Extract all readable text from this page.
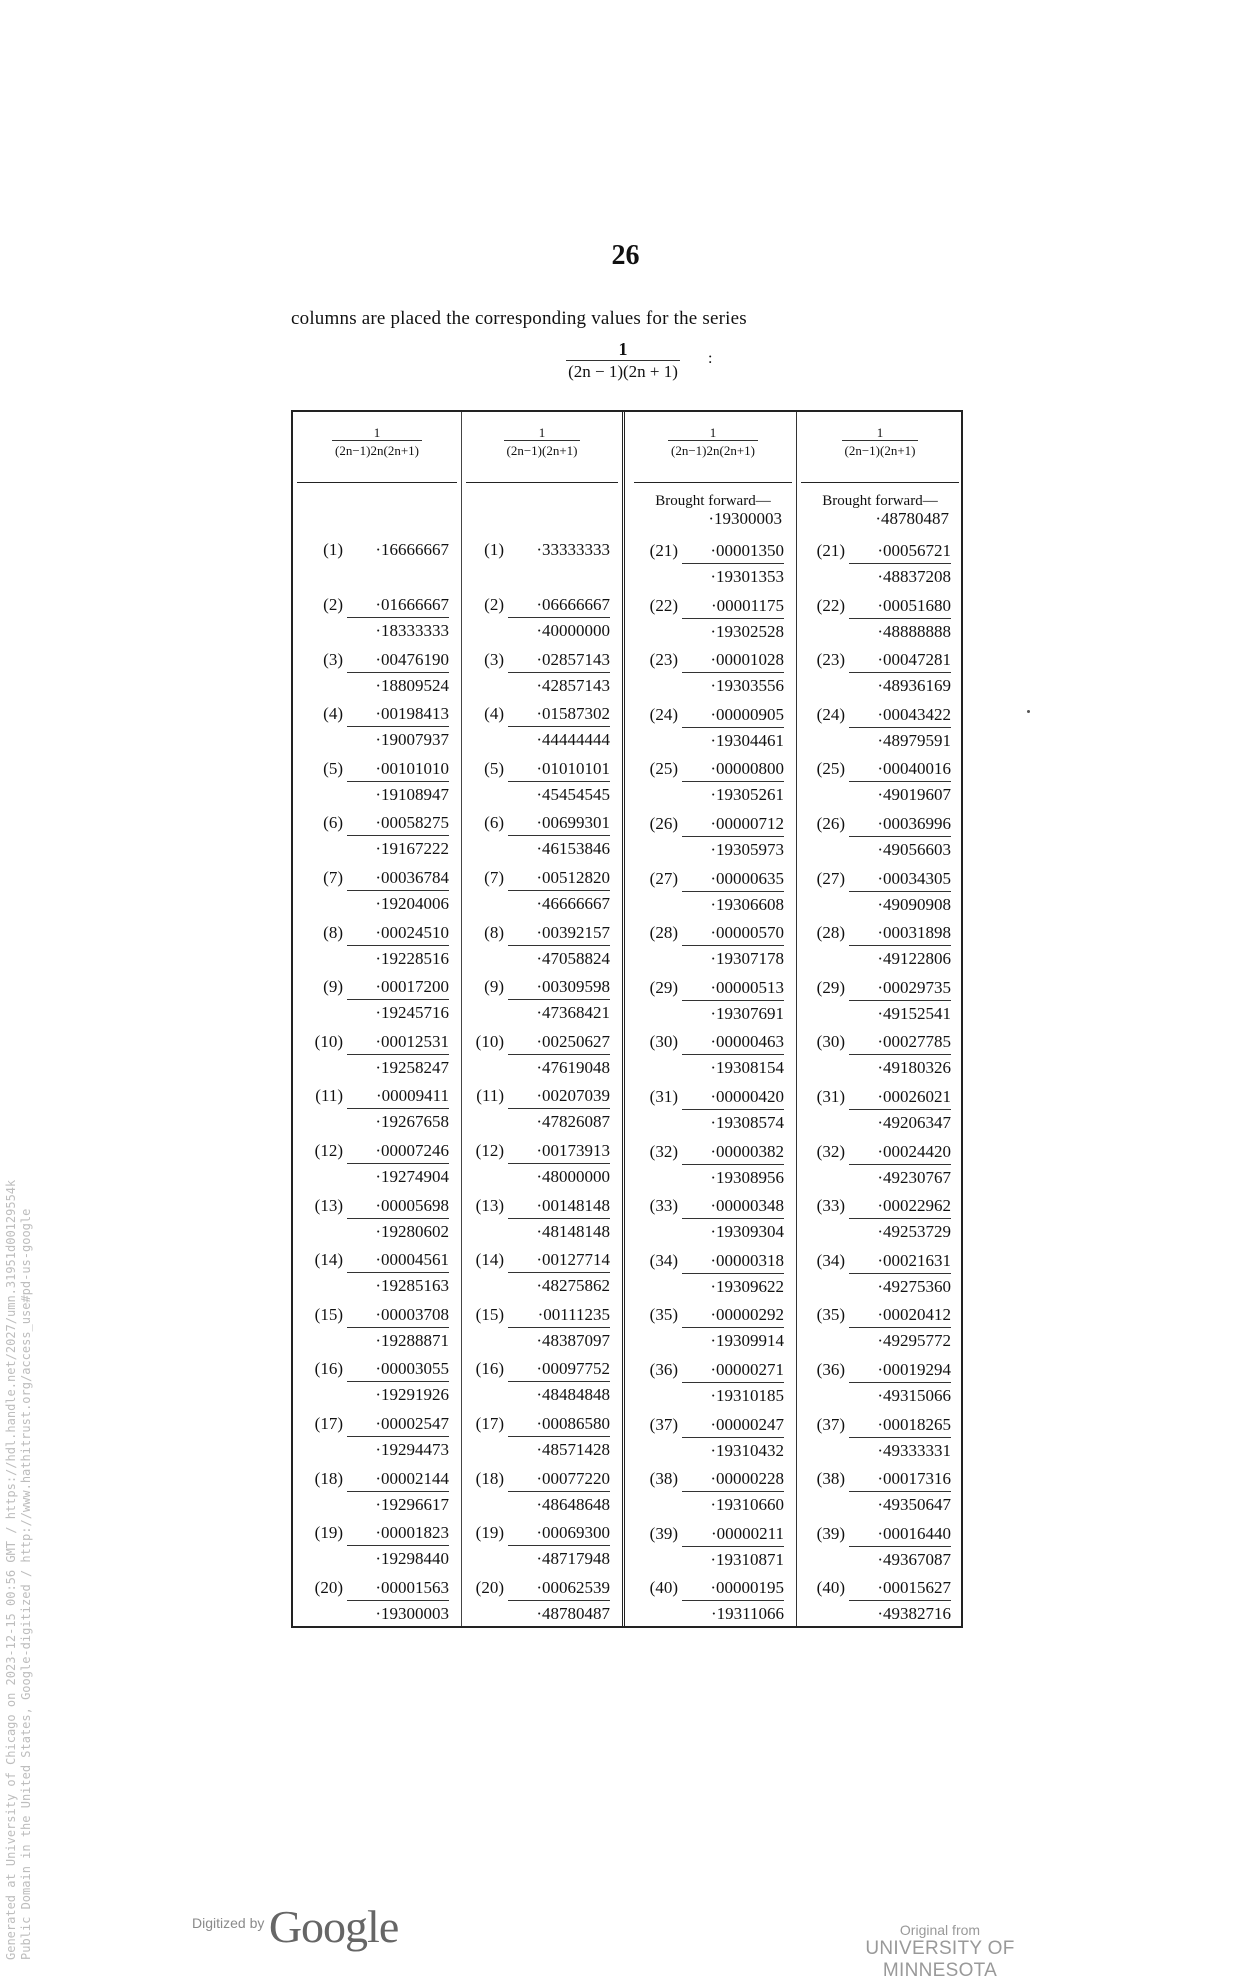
26
columns are placed the corresponding values for the series
1
(2n − 1)(2n + 1)
:
1
(2n−1)2n(2n+1)
(1)	·16666667
(2)	·01666667
·18333333
(3)	·00476190
·18809524
(4)	·00198413
·19007937
(5)	·00101010
·19108947
(6)	·00058275
·19167222
(7)	·00036784
·19204006
(8)	·00024510
·19228516
(9)	·00017200
·19245716
(10)	·00012531
·19258247
(11)	·00009411
·19267658
(12)	·00007246
·19274904
(13)	·00005698
·19280602
(14)	·00004561
·19285163
(15)	·00003708
·19288871
(16)	·00003055
·19291926
(17)	·00002547
·19294473
(18)	·00002144
·19296617
(19)	·00001823
·19298440
(20)	·00001563
·19300003
1
(2n−1)(2n+1)
(1)	·33333333
(2)	·06666667
·40000000
(3)	·02857143
·42857143
(4)	·01587302
·44444444
(5)	·01010101
·45454545
(6)	·00699301
·46153846
(7)	·00512820
·46666667
(8)	·00392157
·47058824
(9)	·00309598
·47368421
(10)	·00250627
·47619048
(11)	·00207039
·47826087
(12)	·00173913
·48000000
(13)	·00148148
·48148148
(14)	·00127714
·48275862
(15)	·00111235
·48387097
(16)	·00097752
·48484848
(17)	·00086580
·48571428
(18)	·00077220
·48648648
(19)	·00069300
·48717948
(20)	·00062539
·48780487
1
(2n−1)2n(2n+1)
Brought forward—
·19300003
(21)	·00001350
·19301353
(22)	·00001175
·19302528
(23)	·00001028
·19303556
(24)	·00000905
·19304461
(25)	·00000800
·19305261
(26)	·00000712
·19305973
(27)	·00000635
·19306608
(28)	·00000570
·19307178
(29)	·00000513
·19307691
(30)	·00000463
·19308154
(31)	·00000420
·19308574
(32)	·00000382
·19308956
(33)	·00000348
·19309304
(34)	·00000318
·19309622
(35)	·00000292
·19309914
(36)	·00000271
·19310185
(37)	·00000247
·19310432
(38)	·00000228
·19310660
(39)	·00000211
·19310871
(40)	·00000195
·19311066
1
(2n−1)(2n+1)
Brought forward—
·48780487
(21)	·00056721
·48837208
(22)	·00051680
·48888888
(23)	·00047281
·48936169
(24)	·00043422
·48979591
(25)	·00040016
·49019607
(26)	·00036996
·49056603
(27)	·00034305
·49090908
(28)	·00031898
·49122806
(29)	·00029735
·49152541
(30)	·00027785
·49180326
(31)	·00026021
·49206347
(32)	·00024420
·49230767
(33)	·00022962
·49253729
(34)	·00021631
·49275360
(35)	·00020412
·49295772
(36)	·00019294
·49315066
(37)	·00018265
·49333331
(38)	·00017316
·49350647
(39)	·00016440
·49367087
(40)	·00015627
·49382716
Generated at University of Chicago on 2023-12-15 00:56 GMT / https://hdl.handle.net/2027/umn.31951d00129554k Public Domain in the United States, Google-digitized / http://www.hathitrust.org/access_use#pd-us-google	Digitized by Google	Original from
UNIVERSITY OF MINNESOTA
